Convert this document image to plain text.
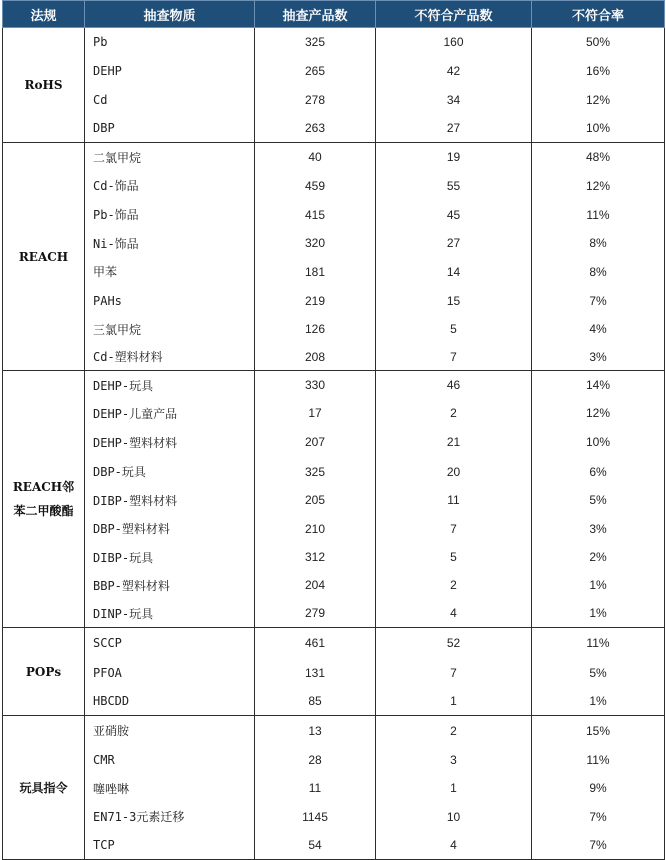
法规	抽查物质	抽查产品数	不符合产品数	不符合率
RoHS	Pb	325	160	50%
	DEHP	265	42	16%
	Cd	278	34	12%
	DBP	263	27	10%
REACH	二氯甲烷	40	19	48%
	Cd-饰品	459	55	12%
	Pb-饰品	415	45	11%
	Ni-饰品	320	27	8%
	甲苯	181	14	8%
	PAHs	219	15	7%
	三氯甲烷	126	5	4%
	Cd-塑料材料	208	7	3%
REACH邻苯二甲酸酯	DEHP-玩具	330	46	14%
	DEHP-儿童产品	17	2	12%
	DEHP-塑料材料	207	21	10%
	DBP-玩具	325	20	6%
	DIBP-塑料材料	205	11	5%
	DBP-塑料材料	210	7	3%
	DIBP-玩具	312	5	2%
	BBP-塑料材料	204	2	1%
	DINP-玩具	279	4	1%
POPs	SCCP	461	52	11%
	PFOA	131	7	5%
	HBCDD	85	1	1%
玩具指令	亚硝胺	13	2	15%
	CMR	28	3	11%
	噻唑啉	11	1	9%
	EN71-3元素迁移	1145	10	7%
	TCP	54	4	7%
